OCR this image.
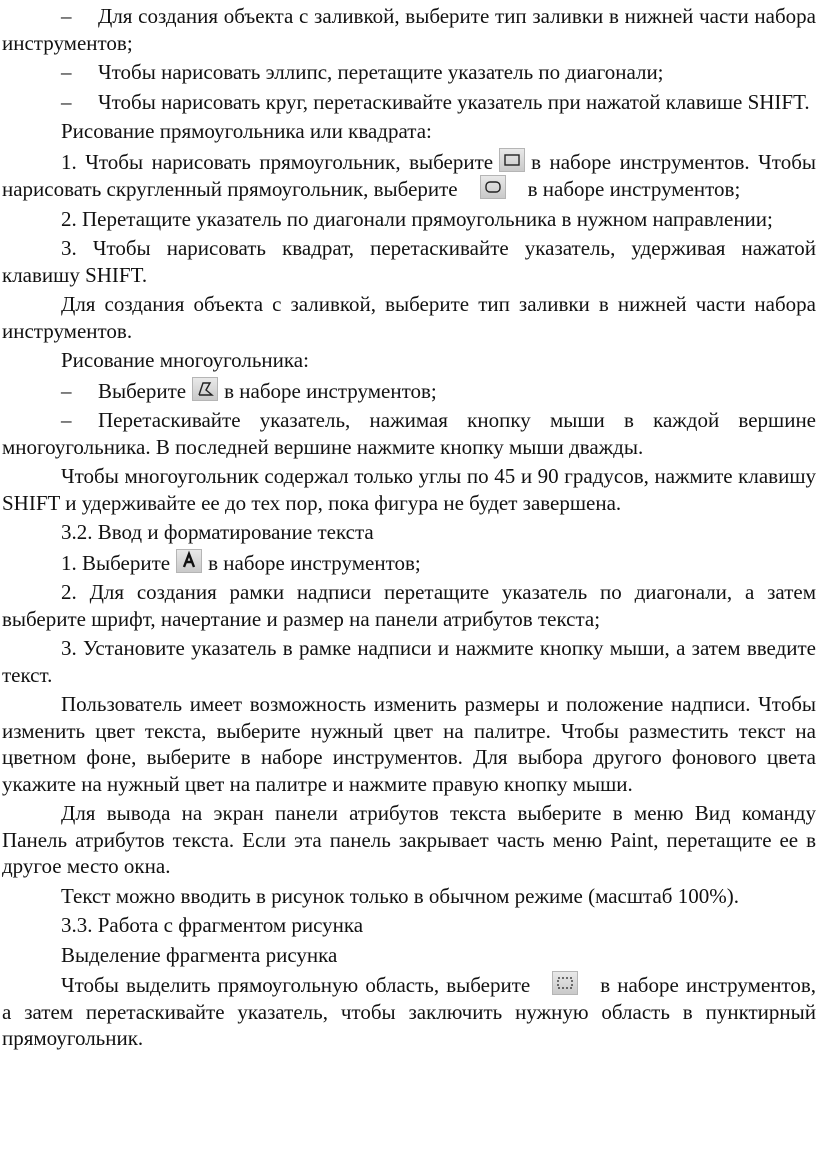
– Для создания объекта с заливкой, выберите тип заливки в нижней части набора инструментов;

– Чтобы нарисовать эллипс, перетащите указатель по диагонали;

– Чтобы нарисовать круг, перетаскивайте указатель при нажатой клавише SHIFT.

Рисование прямоугольника или квадрата:

1. Чтобы нарисовать прямоугольник, выберите в наборе инструментов. Чтобы нарисовать скругленный прямоугольник, выберите	в наборе инструментов;

2. Перетащите указатель по диагонали прямоугольника в нужном направлении;

3. Чтобы нарисовать квадрат, перетаскивайте указатель, удерживая нажатой клавишу SHIFT.

Для создания объекта с заливкой, выберите тип заливки в нижней части набора инструментов.

Рисование многоугольника:

– Выберите в наборе инструментов;

– Перетаскивайте указатель, нажимая кнопку мыши в каждой вершине многоугольника. В последней вершине нажмите кнопку мыши дважды.

Чтобы многоугольник содержал только углы по 45 и 90 градусов, нажмите клавишу SHIFT и удерживайте ее до тех пор, пока фигура не будет завершена.

3.2. Ввод и форматирование текста

1. Выберите в наборе инструментов;

2. Для создания рамки надписи перетащите указатель по диагонали, а затем выберите шрифт, начертание и размер на панели атрибутов текста;

3. Установите указатель в рамке надписи и нажмите кнопку мыши, а затем введите текст.

Пользователь имеет возможность изменить размеры и положение надписи. Чтобы изменить цвет текста, выберите нужный цвет на палитре. Чтобы разместить текст на цветном фоне, выберите в наборе инструментов. Для выбора другого фонового цвета укажите на нужный цвет на палитре и нажмите правую кнопку мыши.

Для вывода на экран панели атрибутов текста выберите в меню Вид команду Панель атрибутов текста. Если эта панель закрывает часть меню Paint, перетащите ее в другое место окна.

Текст можно вводить в рисунок только в обычном режиме (масштаб 100%).

3.3. Работа с фрагментом рисунка

Выделение фрагмента рисунка

Чтобы выделить прямоугольную область, выберите	в наборе инструментов, а затем перетаскивайте указатель, чтобы заключить нужную область в пунктирный прямоугольник.
